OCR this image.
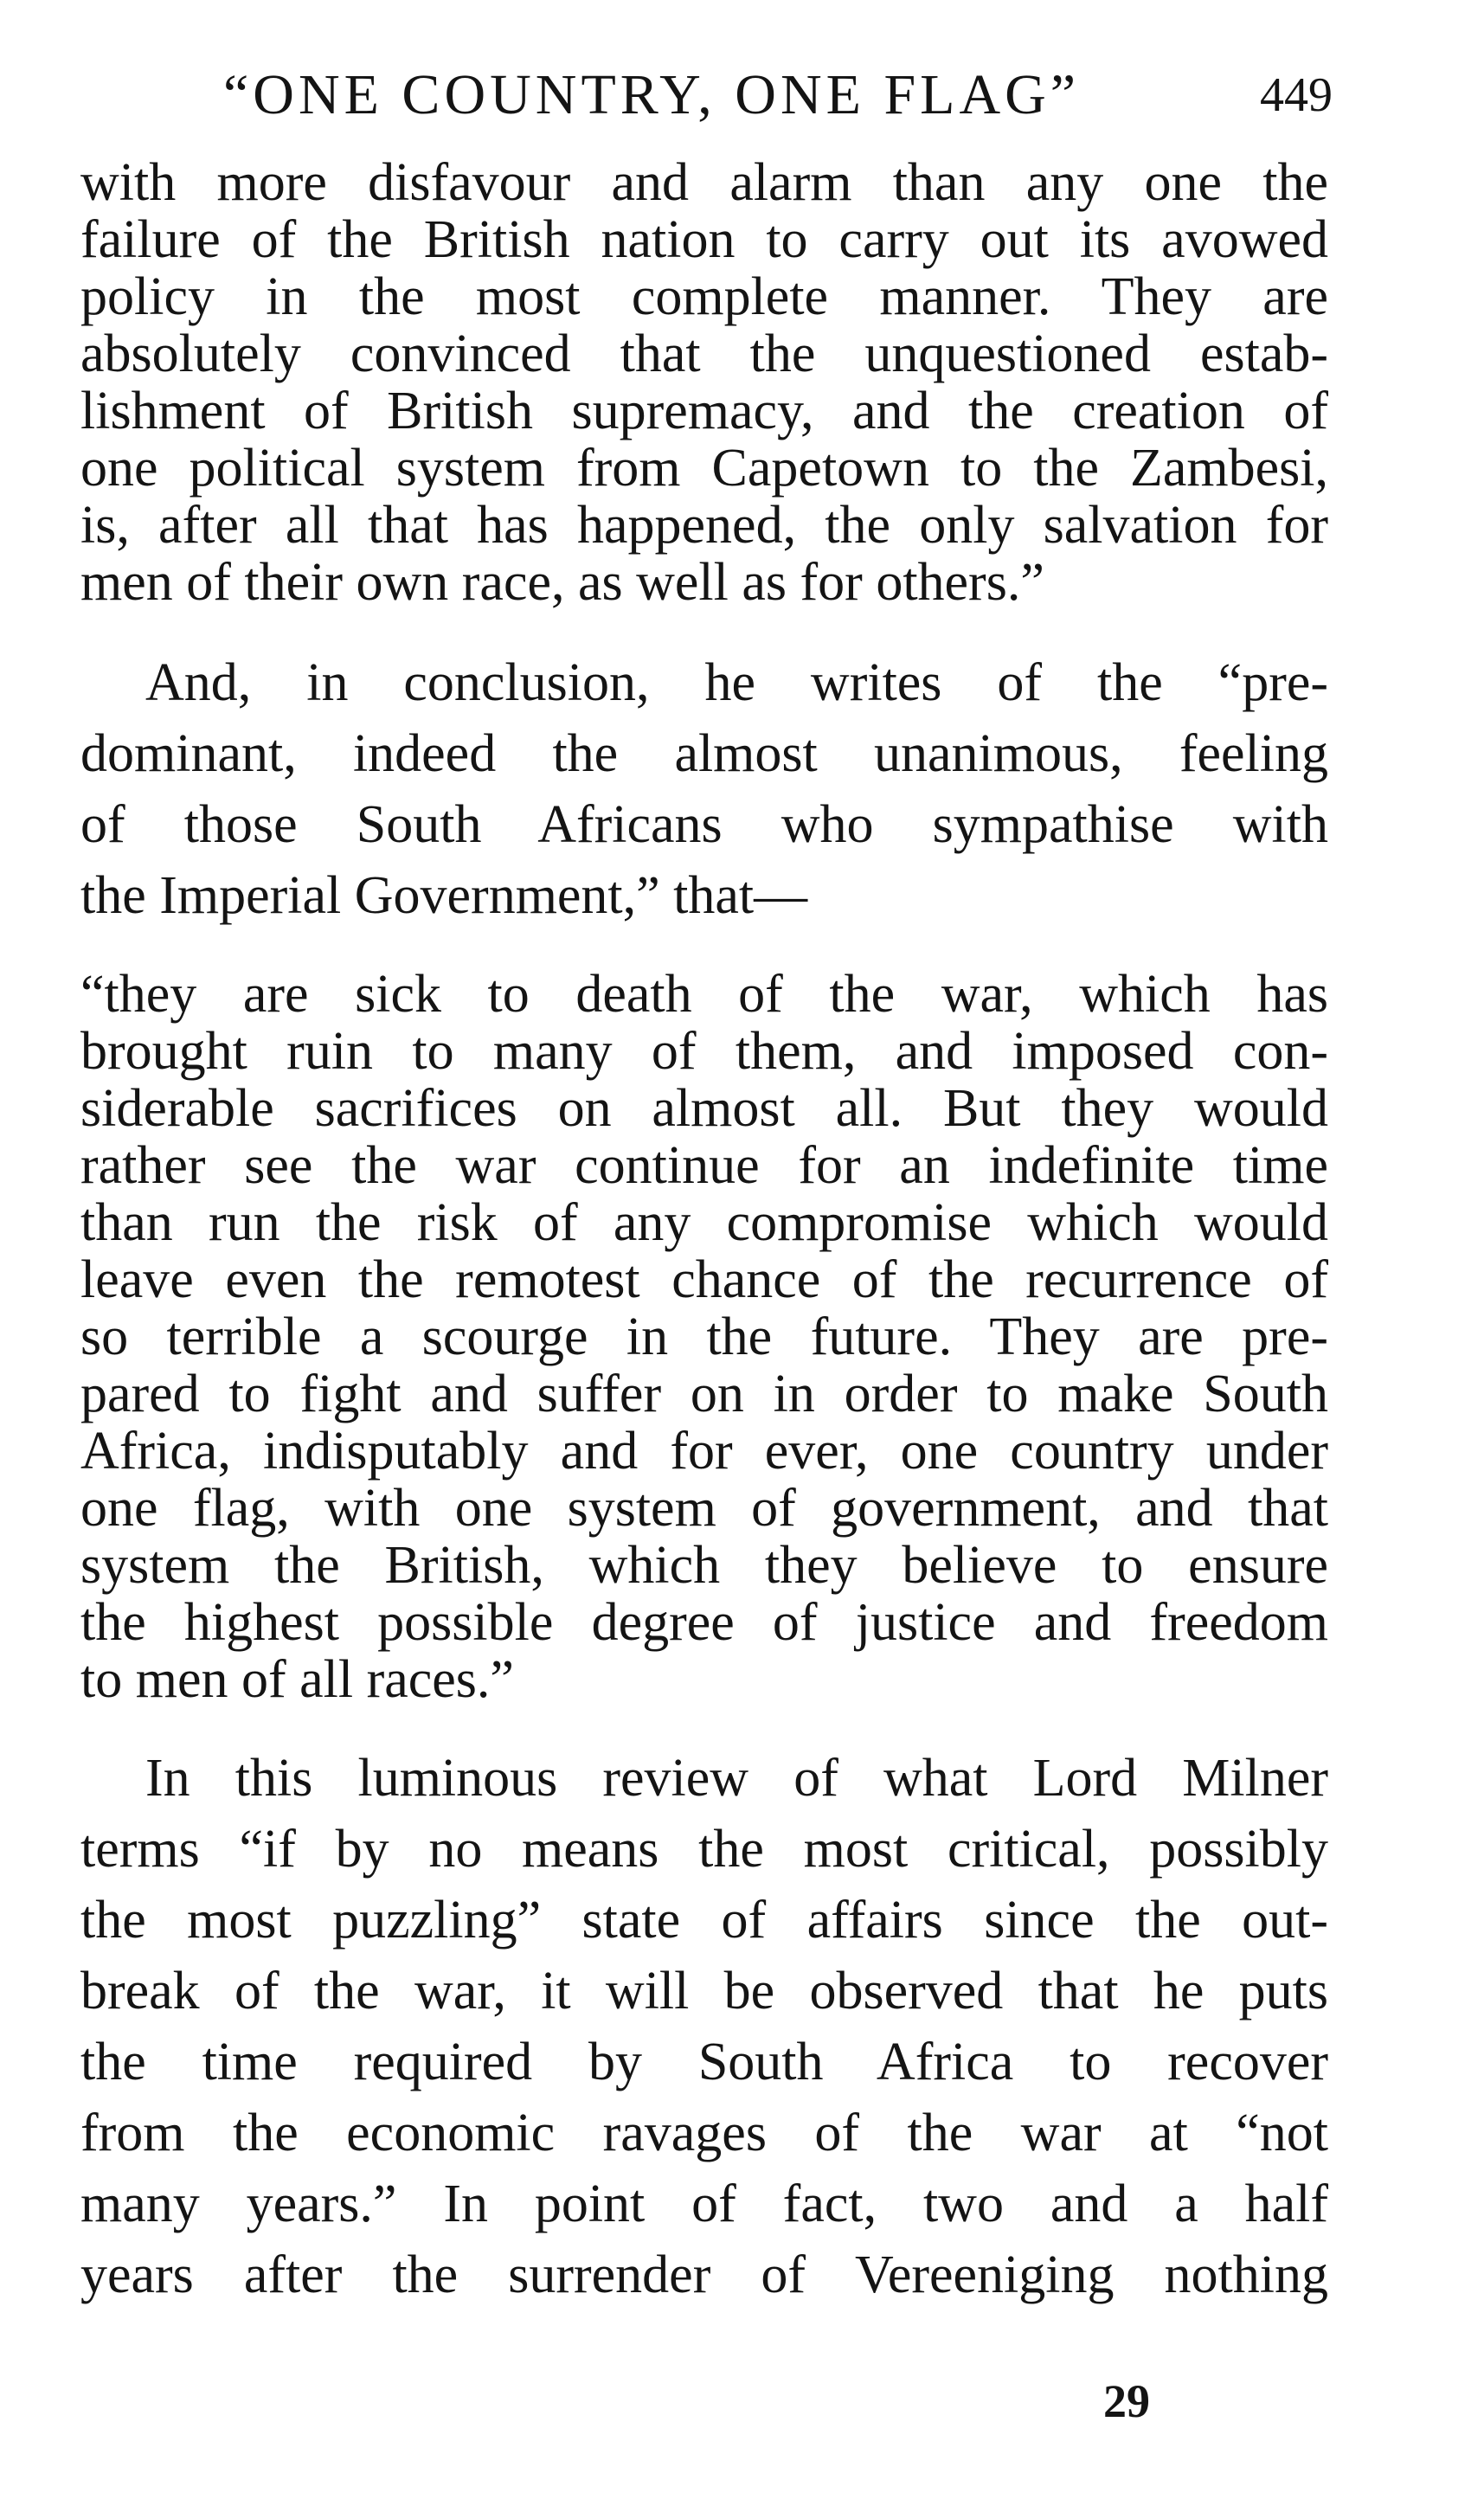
“ONE COUNTRY, ONE FLAG”	449
with more disfavour and alarm than any one the
failure of the British nation to carry out its avowed
policy in the most complete manner. They are
absolutely convinced that the unquestioned estab-
lishment of British supremacy, and the creation of
one political system from Capetown to the Zambesi,
is, after all that has happened, the only salvation for
men of their own race, as well as for others.”
And, in conclusion, he writes of the “pre-
dominant, indeed the almost unanimous, feeling
of those South Africans who sympathise with
the Imperial Government,” that—
“they are sick to death of the war, which has
brought ruin to many of them, and imposed con-
siderable sacrifices on almost all. But they would
rather see the war continue for an indefinite time
than run the risk of any compromise which would
leave even the remotest chance of the recurrence of
so terrible a scourge in the future. They are pre-
pared to fight and suffer on in order to make South
Africa, indisputably and for ever, one country under
one flag, with one system of government, and that
system the British, which they believe to ensure
the highest possible degree of justice and freedom
to men of all races.”
In this luminous review of what Lord Milner
terms “if by no means the most critical, possibly
the most puzzling” state of affairs since the out-
break of the war, it will be observed that he puts
the time required by South Africa to recover
from the economic ravages of the war at “not
many years.” In point of fact, two and a half
years after the surrender of Vereeniging nothing
29
